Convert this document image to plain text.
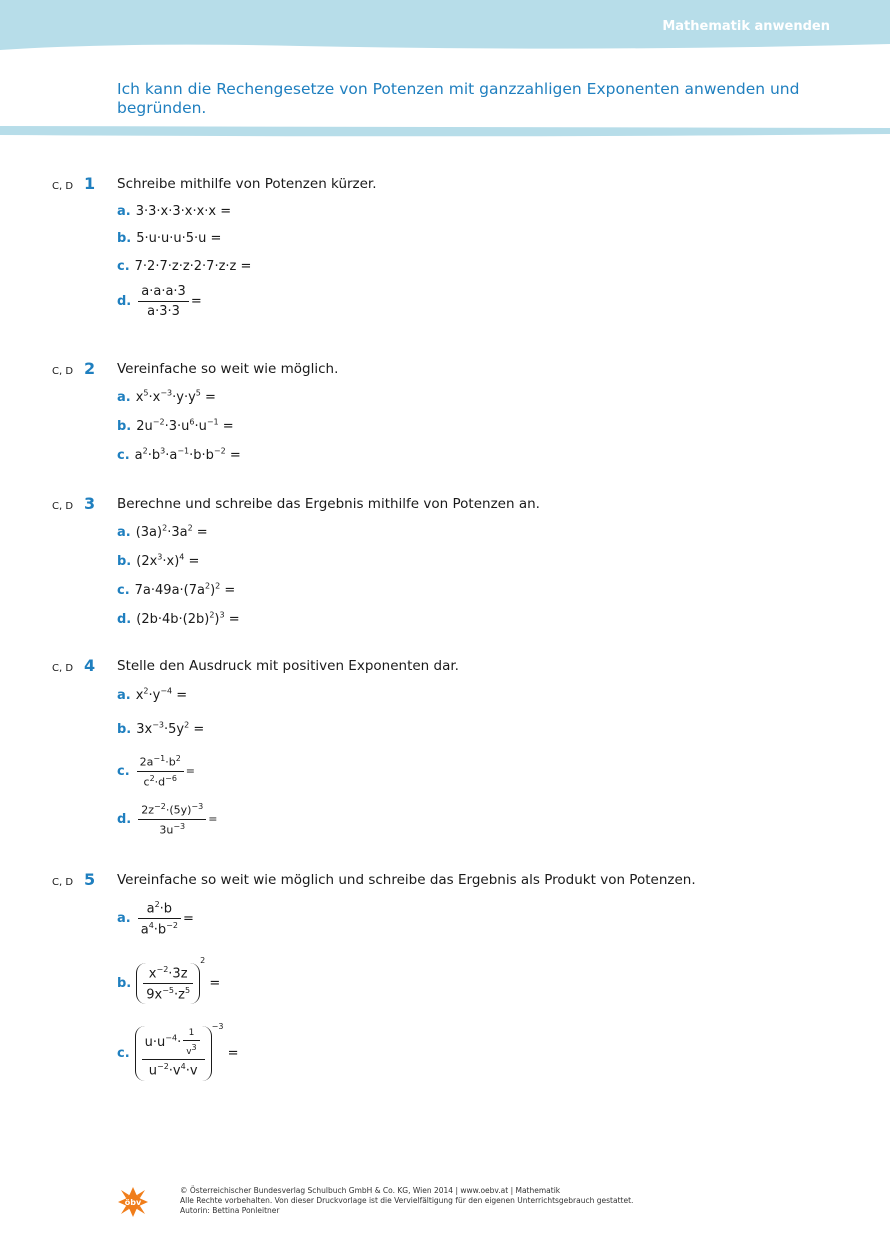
Mathematik anwenden
Ich kann die Rechengesetze von Potenzen mit ganzzahligen Exponenten anwenden und begründen.
C, D 1 Schreibe mithilfe von Potenzen kürzer.
a. 3·3·x·3·x·x·x =
b. 5·u·u·u·5·u =
c. 7·2·7·z·z·2·7·z·z =
d. $\frac{a\cdot a\cdot a\cdot 3}{a\cdot 3\cdot 3}$ =
C, D 2 Vereinfache so weit wie möglich.
a. $x^5\cdot x^{-3}\cdot y\cdot y^5$ =
b. $2u^{-2}\cdot 3\cdot u^6\cdot u^{-1}$ =
c. $a^2\cdot b^3\cdot a^{-1}\cdot b\cdot b^{-2}$ =
C, D 3 Berechne und schreibe das Ergebnis mithilfe von Potenzen an.
a. $(3a)^2\cdot 3a^2$ =
b. $(2x^3\cdot x)^4$ =
c. $7a\cdot 49a\cdot(7a^2)^2$ =
d. $(2b\cdot 4b\cdot(2b)^2)^3$ =
C, D 4 Stelle den Ausdruck mit positiven Exponenten dar.
a. $x^2\cdot y^{-4}$ =
b. $3x^{-3}\cdot 5y^2$ =
c. $\frac{2a^{-1}\cdot b^2}{c^2\cdot d^{-6}}$ =
d. $\frac{2z^{-2}\cdot(5y)^{-3}}{3u^{-3}}$ =
C, D 5 Vereinfache so weit wie möglich und schreibe das Ergebnis als Produkt von Potenzen.
a. $\frac{a^2\cdot b}{a^4\cdot b^{-2}}$ =
b. $\frac{x^{-2}\cdot 3z}{9x^{-5}\cdot z^5}$
$^2$ =
c. $\frac{u\cdot u^{-4}\cdot \frac{1}{v^3}}{u^{-2}\cdot v^4\cdot v}$
$^{-3}$ =
öbv
© Österreichischer Bundesverlag Schulbuch GmbH & Co. KG, Wien 2014 | www.oebv.at | Mathematik
Alle Rechte vorbehalten. Von dieser Druckvorlage ist die Vervielfältigung für den eigenen Unterrichtsgebrauch gestattet.
Autorin: Bettina Ponleitner
